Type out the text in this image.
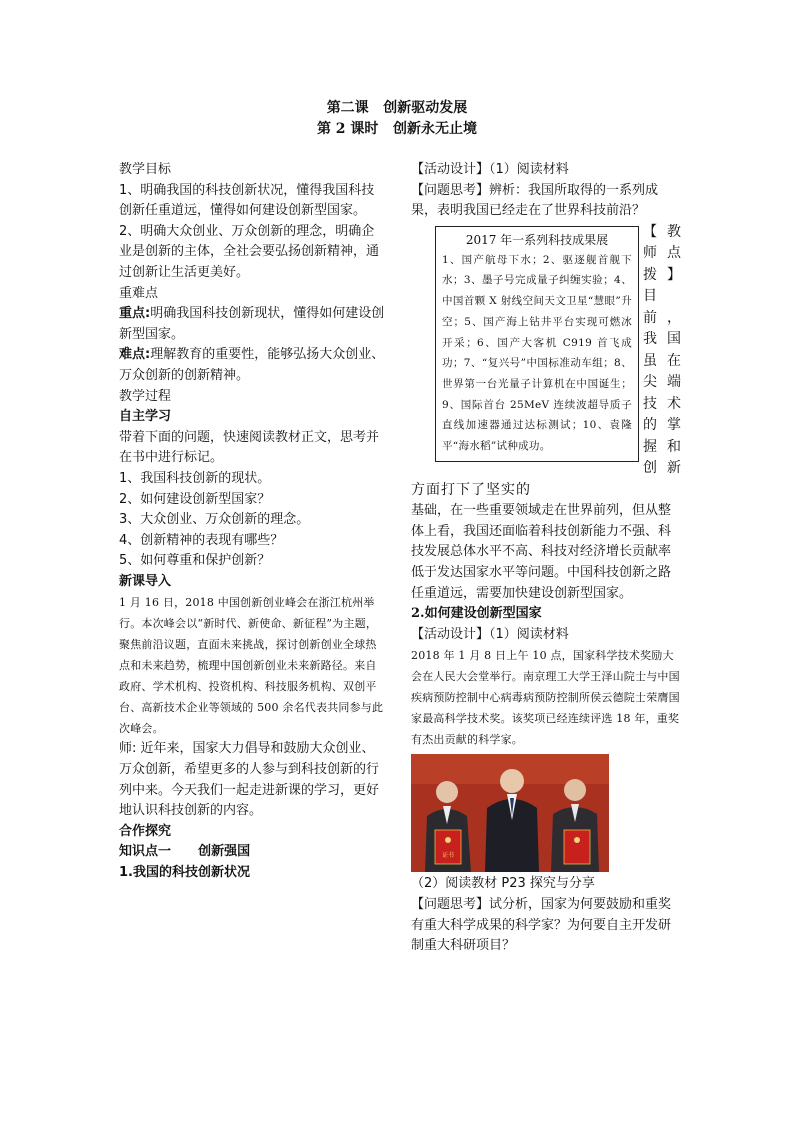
第二课   创新驱动发展
第 2 课时   创新永无止境

教学目标

1、明确我国的科技创新状况，懂得我国科技创新任重道远，懂得如何建设创新型国家。

2、明确大众创业、万众创新的理念，明确企业是创新的主体，全社会要弘扬创新精神，通过创新让生活更美好。

重难点

重点:明确我国科技创新现状，懂得如何建设创新型国家。

难点:理解教育的重要性，能够弘扬大众创业、万众创新的创新精神。

教学过程

自主学习

带着下面的问题，快速阅读教材正文，思考并在书中进行标记。

1、我国科技创新的现状。

2、如何建设创新型国家？

3、大众创业、万众创新的理念。

4、创新精神的表现有哪些？

5、如何尊重和保护创新？

新课导入

1 月 16 日，2018 中国创新创业峰会在浙江杭州举行。本次峰会以“新时代、新使命、新征程”为主题，聚焦前沿议题，直面未来挑战，探讨创新创业全球热点和未来趋势，梳理中国创新创业未来新路径。来自政府、学术机构、投资机构、科技服务机构、双创平台、高新技术企业等领域的 500 余名代表共同参与此次峰会。

师: 近年来，国家大力倡导和鼓励大众创业、万众创新，希望更多的人参与到科技创新的行列中来。今天我们一起走进新课的学习，更好地认识科技创新的内容。

合作探究

知识点一      创新强国

1.我国的科技创新状况

【活动设计】（1）阅读材料

【问题思考】辨析：我国所取得的一系列成果，表明我国已经走在了世界科技前沿？

2017 年一系列科技成果展

1、国产航母下水；2、驱逐舰首舰下水；3、墨子号完成量子纠缠实验；4、中国首颗 X 射线空间天文卫星“慧眼”升空；5、国产海上钻井平台实现可燃冰开采；6、国产大客机 C919 首飞成功；7、“复兴号”中国标准动车组；8、世界第一台光量子计算机在中国诞生；9、国际首台 25MeV 连续波超导质子直线加速器通过达标测试；10、袁隆平“海水稻”试种成功。

【教师点拨】目前，我国虽在尖端技术的掌握和创新方面打下了坚实的

基础，在一些重要领域走在世界前列，但从整体上看，我国还面临着科技创新能力不强、科技发展总体水平不高、科技对经济增长贡献率低于发达国家水平等问题。中国科技创新之路任重道远，需要加快建设创新型国家。

2.如何建设创新型国家

【活动设计】（1）阅读材料

2018 年 1 月 8 日上午 10 点，国家科学技术奖励大会在人民大会堂举行。南京理工大学王泽山院士与中国疾病预防控制中心病毒病预防控制所侯云德院士荣膺国家最高科学技术奖。该奖项已经连续评选 18 年，重奖有杰出贡献的科学家。

证书

（2）阅读教材 P23 探究与分享

【问题思考】试分析，国家为何要鼓励和重奖有重大科学成果的科学家？为何要自主开发研制重大科研项目？
